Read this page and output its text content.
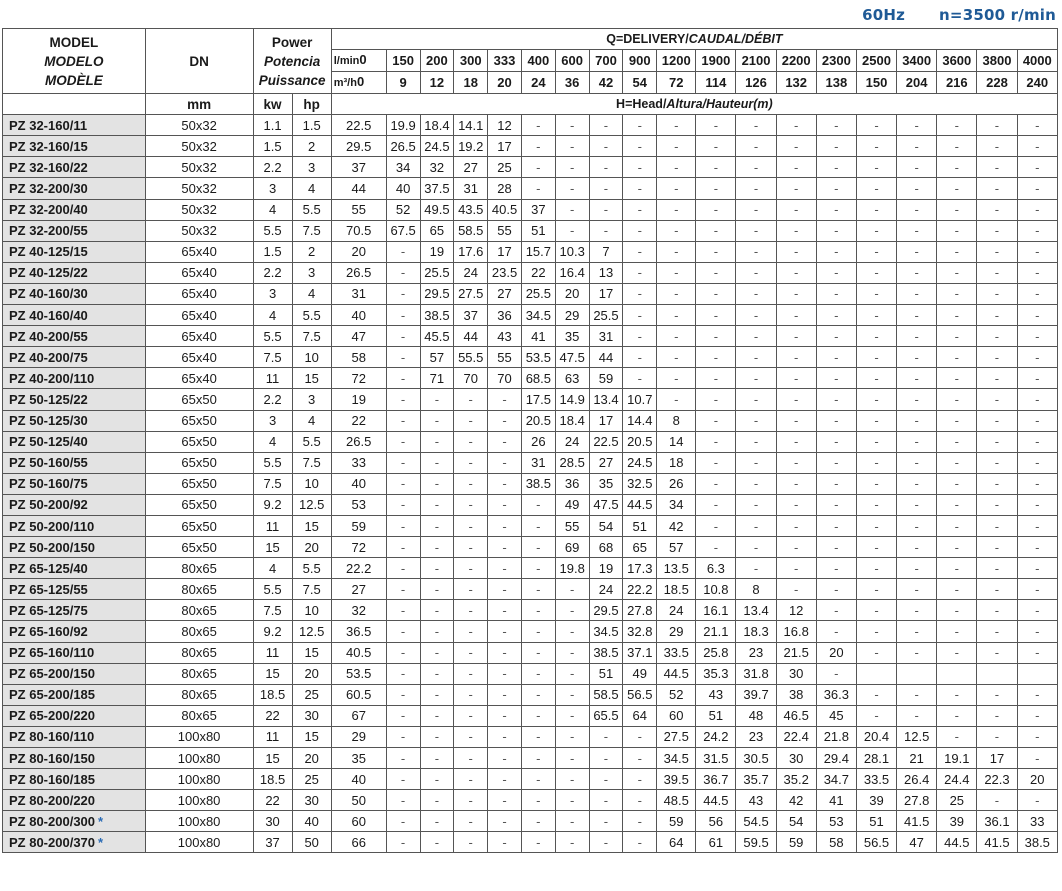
60Hz n=3500 r/min
MODEL
MODELO
MODÈLE	DN	Power
Potencia
Puissance		Q=DELIVERY/CAUDAL/DÉBIT																		
				l/min0	150	200	300	333	400	600	700	900	1200	1900	2100	2200	2300	2500	3400	3600	3800	4000
				m³/h0	9	12	18	20	24	36	42	54	72	114	126	132	138	150	204	216	228	240
	mm	kw	hp	H=Head/Altura/Hauteur(m)																		
PZ 32-160/11	50x32	1.1	1.5	22.5	19.9	18.4	14.1	12	-	-	-	-	-	-	-	-	-	-	-	-	-	-
PZ 32-160/15	50x32	1.5	2	29.5	26.5	24.5	19.2	17	-	-	-	-	-	-	-	-	-	-	-	-	-	-
PZ 32-160/22	50x32	2.2	3	37	34	32	27	25	-	-	-	-	-	-	-	-	-	-	-	-	-	-
PZ 32-200/30	50x32	3	4	44	40	37.5	31	28	-	-	-	-	-	-	-	-	-	-	-	-	-	-
PZ 32-200/40	50x32	4	5.5	55	52	49.5	43.5	40.5	37	-	-	-	-	-	-	-	-	-	-	-	-	-
PZ 32-200/55	50x32	5.5	7.5	70.5	67.5	65	58.5	55	51	-	-	-	-	-	-	-	-	-	-	-	-	-
PZ 40-125/15	65x40	1.5	2	20	-	19	17.6	17	15.7	10.3	7	-	-	-	-	-	-	-	-	-	-	-
PZ 40-125/22	65x40	2.2	3	26.5	-	25.5	24	23.5	22	16.4	13	-	-	-	-	-	-	-	-	-	-	-
PZ 40-160/30	65x40	3	4	31	-	29.5	27.5	27	25.5	20	17	-	-	-	-	-	-	-	-	-	-	-
PZ 40-160/40	65x40	4	5.5	40	-	38.5	37	36	34.5	29	25.5	-	-	-	-	-	-	-	-	-	-	-
PZ 40-200/55	65x40	5.5	7.5	47	-	45.5	44	43	41	35	31	-	-	-	-	-	-	-	-	-	-	-
PZ 40-200/75	65x40	7.5	10	58	-	57	55.5	55	53.5	47.5	44	-	-	-	-	-	-	-	-	-	-	-
PZ 40-200/110	65x40	11	15	72	-	71	70	70	68.5	63	59	-	-	-	-	-	-	-	-	-	-	-
PZ 50-125/22	65x50	2.2	3	19	-	-	-	-	17.5	14.9	13.4	10.7	-	-	-	-	-	-	-	-	-	-
PZ 50-125/30	65x50	3	4	22	-	-	-	-	20.5	18.4	17	14.4	8	-	-	-	-	-	-	-	-	-
PZ 50-125/40	65x50	4	5.5	26.5	-	-	-	-	26	24	22.5	20.5	14	-	-	-	-	-	-	-	-	-
PZ 50-160/55	65x50	5.5	7.5	33	-	-	-	-	31	28.5	27	24.5	18	-	-	-	-	-	-	-	-	-
PZ 50-160/75	65x50	7.5	10	40	-	-	-	-	38.5	36	35	32.5	26	-	-	-	-	-	-	-	-	-
PZ 50-200/92	65x50	9.2	12.5	53	-	-	-	-	-	49	47.5	44.5	34	-	-	-	-	-	-	-	-	-
PZ 50-200/110	65x50	11	15	59	-	-	-	-	-	55	54	51	42	-	-	-	-	-	-	-	-	-
PZ 50-200/150	65x50	15	20	72	-	-	-	-	-	69	68	65	57	-	-	-	-	-	-	-	-	-
PZ 65-125/40	80x65	4	5.5	22.2	-	-	-	-	-	19.8	19	17.3	13.5	6.3	-	-	-	-	-	-	-	-
PZ 65-125/55	80x65	5.5	7.5	27	-	-	-	-	-	-	24	22.2	18.5	10.8	8	-	-	-	-	-	-	-
PZ 65-125/75	80x65	7.5	10	32	-	-	-	-	-	-	29.5	27.8	24	16.1	13.4	12	-	-	-	-	-	-
PZ 65-160/92	80x65	9.2	12.5	36.5	-	-	-	-	-	-	34.5	32.8	29	21.1	18.3	16.8	-	-	-	-	-	-
PZ 65-160/110	80x65	11	15	40.5	-	-	-	-	-	-	38.5	37.1	33.5	25.8	23	21.5	20	-	-	-	-	-
PZ 65-200/150	80x65	15	20	53.5	-	-	-	-	-	-	51	49	44.5	35.3	31.8	30	-					
PZ 65-200/185	80x65	18.5	25	60.5	-	-	-	-	-	-	58.5	56.5	52	43	39.7	38	36.3	-	-	-	-	-
PZ 65-200/220	80x65	22	30	67	-	-	-	-	-	-	65.5	64	60	51	48	46.5	45	-	-	-	-	-
PZ 80-160/110	100x80	11	15	29	-	-	-	-	-	-	-	-	27.5	24.2	23	22.4	21.8	20.4	12.5	-	-	-
PZ 80-160/150	100x80	15	20	35	-	-	-	-	-	-	-	-	34.5	31.5	30.5	30	29.4	28.1	21	19.1	17	-
PZ 80-160/185	100x80	18.5	25	40	-	-	-	-	-	-	-	-	39.5	36.7	35.7	35.2	34.7	33.5	26.4	24.4	22.3	20
PZ 80-200/220	100x80	22	30	50	-	-	-	-	-	-	-	-	48.5	44.5	43	42	41	39	27.8	25	-	-
PZ 80-200/300 *	100x80	30	40	60	-	-	-	-	-	-	-	-	59	56	54.5	54	53	51	41.5	39	36.1	33
PZ 80-200/370 *	100x80	37	50	66	-	-	-	-	-	-	-	-	64	61	59.5	59	58	56.5	47	44.5	41.5	38.5
